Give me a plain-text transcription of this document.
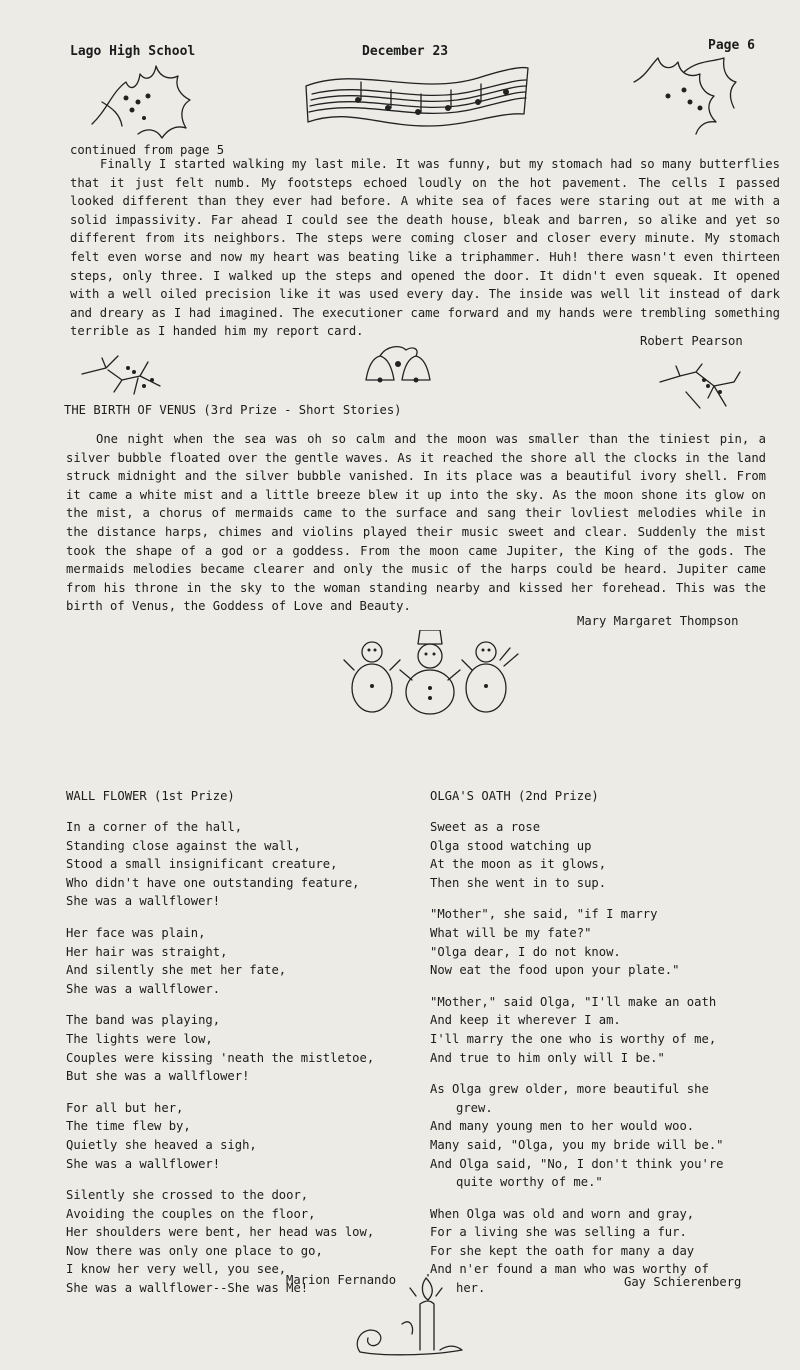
Lago High School	December 23	Page 6
continued from page 5
Finally I started walking my last mile. It was funny, but my stomach had so many butterflies that it just felt numb. My footsteps echoed loudly on the hot pavement. The cells I passed looked different than they ever had before. A white sea of faces were staring out at me with a solid impassivity. Far ahead I could see the death house, bleak and barren, so alike and yet so different from its neighbors. The steps were coming closer and closer every minute. My stomach felt even worse and now my heart was beating like a triphammer. Huh! there wasn't even thirteen steps, only three. I walked up the steps and opened the door. It didn't even squeak. It opened with a well oiled precision like it was used every day. The inside was well lit instead of dark and dreary as I had imagined. The executioner came forward and my hands were trembling something terrible as I handed him my report card.
Robert Pearson
THE BIRTH OF VENUS (3rd Prize - Short Stories)
One night when the sea was oh so calm and the moon was smaller than the tiniest pin, a silver bubble floated over the gentle waves. As it reached the shore all the clocks in the land struck midnight and the silver bubble vanished. In its place was a beautiful ivory shell. From it came a white mist and a little breeze blew it up into the sky. As the moon shone its glow on the mist, a chorus of mermaids came to the surface and sang their lovliest melodies while in the distance harps, chimes and violins played their music sweet and clear. Suddenly the mist took the shape of a god or a goddess. From the moon came Jupiter, the King of the gods. The mermaids melodies became clearer and only the music of the harps could be heard. Jupiter came from his throne in the sky to the woman standing nearby and kissed her forehead. This was the birth of Venus, the Goddess of Love and Beauty.
Mary Margaret Thompson
WALL FLOWER (1st Prize)
In a corner of the hall,
Standing close against the wall,
Stood a small insignificant creature,
Who didn't have one outstanding feature,
She was a wallflower!
Her face was plain,
Her hair was straight,
And silently she met her fate,
She was a wallflower.
The band was playing,
The lights were low,
Couples were kissing 'neath the mistletoe,
But she was a wallflower!
For all but her,
The time flew by,
Quietly she heaved a sigh,
She was a wallflower!
Silently she crossed to the door,
Avoiding the couples on the floor,
Her shoulders were bent, her head was low,
Now there was only one place to go,
I know her very well, you see,
She was a wallflower--She was Me!
Marion Fernando
OLGA'S OATH (2nd Prize)
Sweet as a rose
Olga stood watching up
At the moon as it glows,
Then she went in to sup.
"Mother", she said, "if I marry
What will be my fate?"
"Olga dear, I do not know.
Now eat the food upon your plate."
"Mother," said Olga, "I'll make an oath
And keep it wherever I am.
I'll marry the one who is worthy of me,
And true to him only will I be."
As Olga grew older, more beautiful she
grew.
And many young men to her would woo.
Many said, "Olga, you my bride will be."
And Olga said, "No, I don't think you're
quite worthy of me."
When Olga was old and worn and gray,
For a living she was selling a fur.
For she kept the oath for many a day
And n'er found a man who was worthy of
her.	Gay Schierenberg
